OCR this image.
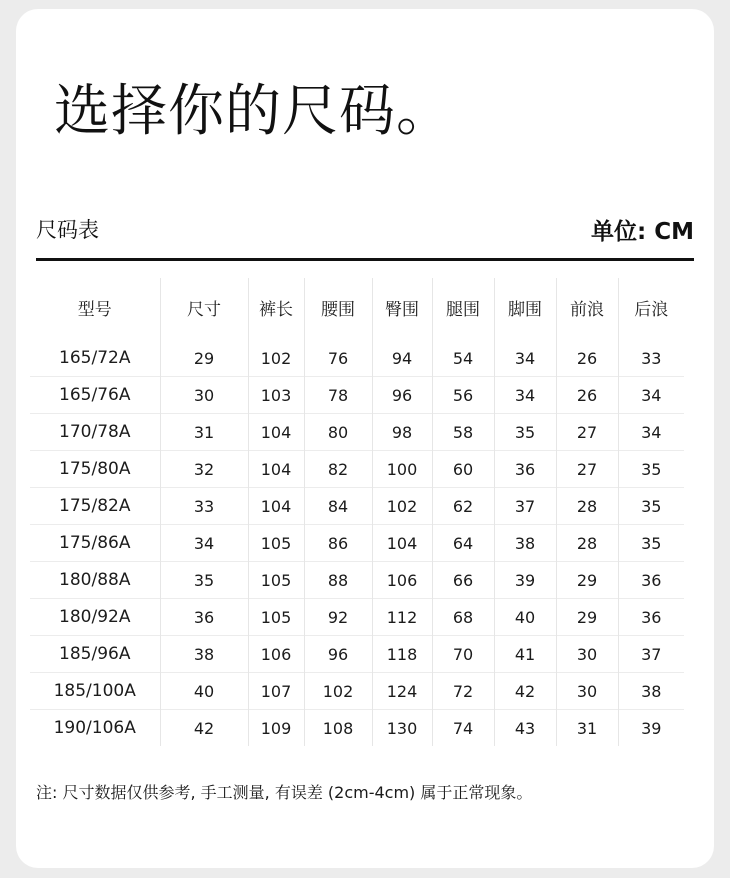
选择你的尺码。
尺码表	单位: CM
型号	尺寸	裤长	腰围	臀围	腿围	脚围	前浪	后浪
165/72A	29	102	76	94	54	34	26	33
165/76A	30	103	78	96	56	34	26	34
170/78A	31	104	80	98	58	35	27	34
175/80A	32	104	82	100	60	36	27	35
175/82A	33	104	84	102	62	37	28	35
175/86A	34	105	86	104	64	38	28	35
180/88A	35	105	88	106	66	39	29	36
180/92A	36	105	92	112	68	40	29	36
185/96A	38	106	96	118	70	41	30	37
185/100A	40	107	102	124	72	42	30	38
190/106A	42	109	108	130	74	43	31	39
注: 尺寸数据仅供参考, 手工测量, 有误差 (2cm-4cm) 属于正常现象。
